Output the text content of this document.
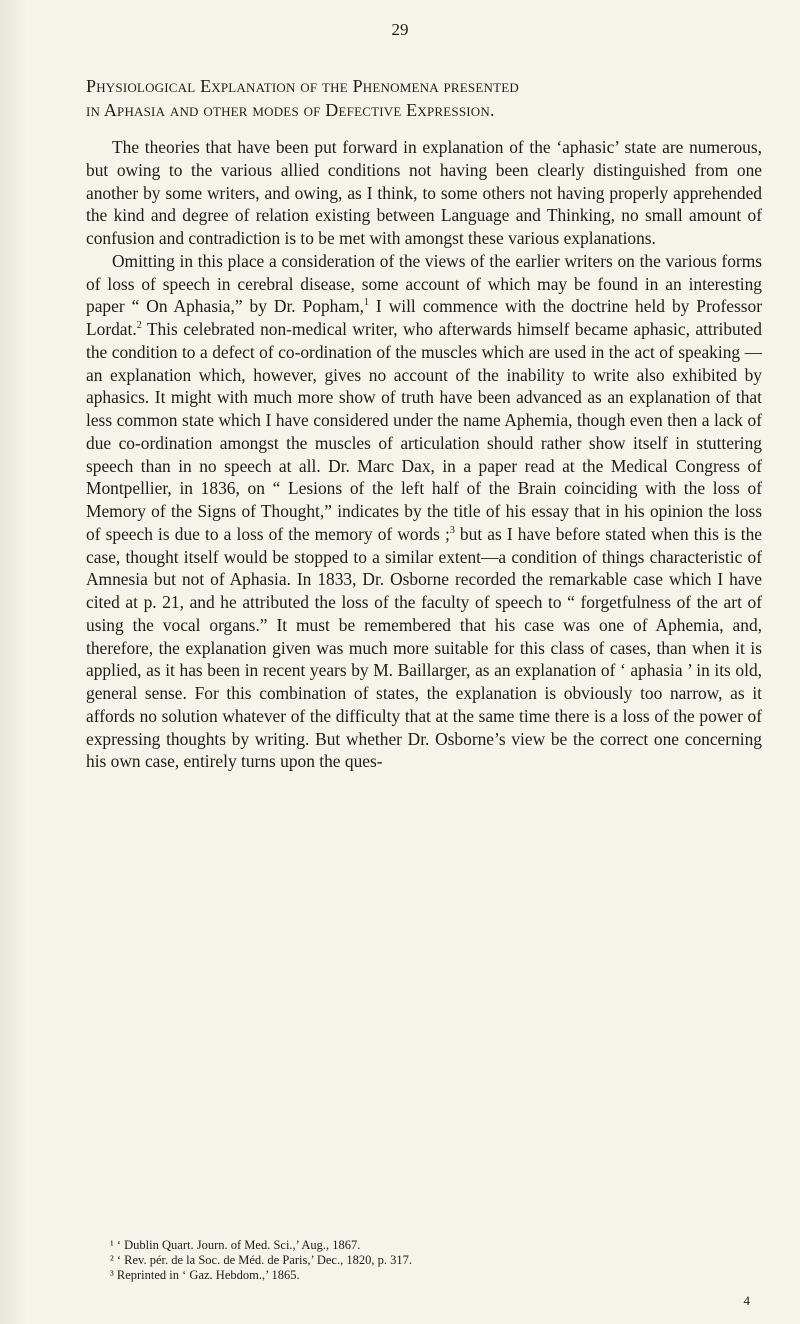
29
Physiological Explanation of the Phenomena presented
in Aphasia and other modes of Defective Expression.

The theories that have been put forward in explanation of the ‘aphasic’ state are numerous, but owing to the various allied conditions not having been clearly distinguished from one another by some writers, and owing, as I think, to some others not having properly apprehended the kind and degree of relation existing between Language and Thinking, no small amount of confusion and contradiction is to be met with amongst these various explanations.

Omitting in this place a consideration of the views of the earlier writers on the various forms of loss of speech in cerebral disease, some account of which may be found in an interesting paper “ On Aphasia,” by Dr. Popham,$^1$ I will commence with the doctrine held by Professor Lordat.$^2$ This celebrated non-medical writer, who afterwards himself became aphasic, attributed the condition to a defect of co-ordination of the muscles which are used in the act of speaking —an explanation which, however, gives no account of the inability to write also exhibited by aphasics. It might with much more show of truth have been advanced as an explanation of that less common state which I have considered under the name Aphemia, though even then a lack of due co-ordination amongst the muscles of articulation should rather show itself in stuttering speech than in no speech at all. Dr. Marc Dax, in a paper read at the Medical Congress of Montpellier, in 1836, on “ Lesions of the left half of the Brain coinciding with the loss of Memory of the Signs of Thought,” indicates by the title of his essay that in his opinion the loss of speech is due to a loss of the memory of words ;$^3$ but as I have before stated when this is the case, thought itself would be stopped to a similar extent—a condition of things characteristic of Amnesia but not of Aphasia. In 1833, Dr. Osborne recorded the remarkable case which I have cited at p. 21, and he attributed the loss of the faculty of speech to “ forgetfulness of the art of using the vocal organs.” It must be remembered that his case was one of Aphemia, and, therefore, the explanation given was much more suitable for this class of cases, than when it is applied, as it has been in recent years by M. Baillarger, as an explanation of ‘ aphasia ’ in its old, general sense. For this combination of states, the explanation is obviously too narrow, as it affords no solution whatever of the difficulty that at the same time there is a loss of the power of expressing thoughts by writing. But whether Dr. Osborne’s view be the correct one concerning his own case, entirely turns upon the ques-

¹ ‘ Dublin Quart. Journ. of Med. Sci.,’ Aug., 1867.
² ‘ Rev. pér. de la Soc. de Méd. de Paris,’ Dec., 1820, p. 317.
³ Reprinted in ‘ Gaz. Hebdom.,’ 1865.
4
